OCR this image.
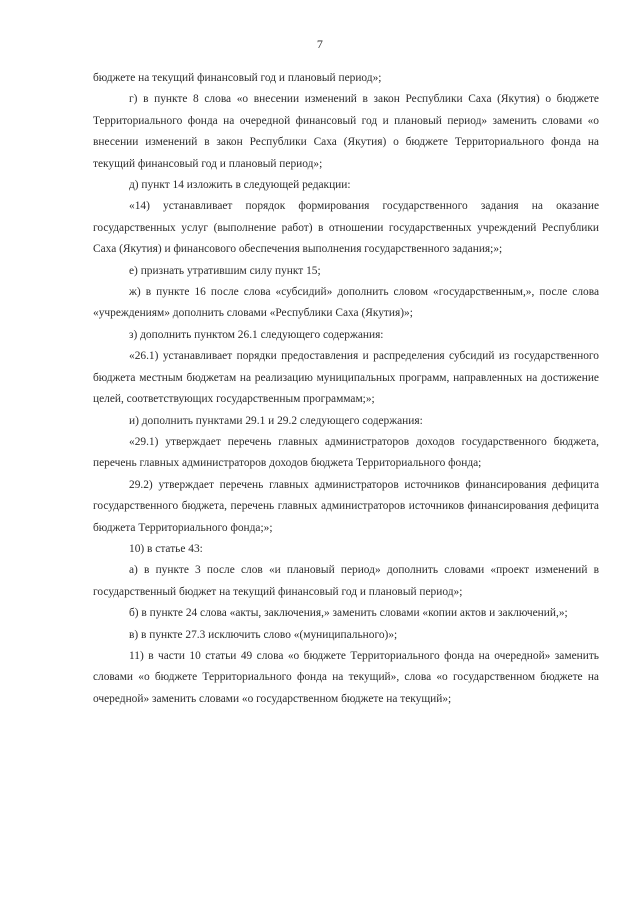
7

бюджете на текущий финансовый год и плановый период»;

г) в пункте 8 слова «о внесении изменений в закон Республики Саха (Якутия) о бюджете Территориального фонда на очередной финансовый год и плановый период» заменить словами «о внесении изменений в закон Республики Саха (Якутия) о бюджете Территориального фонда на текущий финансовый год и плановый период»;

д) пункт 14 изложить в следующей редакции:

«14) устанавливает порядок формирования государственного задания на оказание государственных услуг (выполнение работ) в отношении государственных учреждений Республики Саха (Якутия) и финансового обеспечения выполнения государственного задания;»;

е) признать утратившим силу пункт 15;

ж) в пункте 16 после слова «субсидий» дополнить словом «государственным,», после слова «учреждениям» дополнить словами «Республики Саха (Якутия)»;

з) дополнить пунктом 26.1 следующего содержания:

«26.1) устанавливает порядки предоставления и распределения субсидий из государственного бюджета местным бюджетам на реализацию муниципальных программ, направленных на достижение целей, соответствующих государственным программам;»;

и) дополнить пунктами 29.1 и 29.2 следующего содержания:

«29.1) утверждает перечень главных администраторов доходов государственного бюджета, перечень главных администраторов доходов бюджета Территориального фонда;

29.2) утверждает перечень главных администраторов источников финансирования дефицита государственного бюджета, перечень главных администраторов источников финансирования дефицита бюджета Территориального фонда;»;

10) в статье 43:

а) в пункте 3 после слов «и плановый период» дополнить словами «проект изменений в государственный бюджет на текущий финансовый год и плановый период»;

б) в пункте 24 слова «акты, заключения,» заменить словами «копии актов и заключений,»;

в) в пункте 27.3 исключить слово «(муниципального)»;

11) в части 10 статьи 49 слова «о бюджете Территориального фонда на очередной» заменить словами «о бюджете Территориального фонда на текущий», слова «о государственном бюджете на очередной» заменить словами «о государственном бюджете на текущий»;
